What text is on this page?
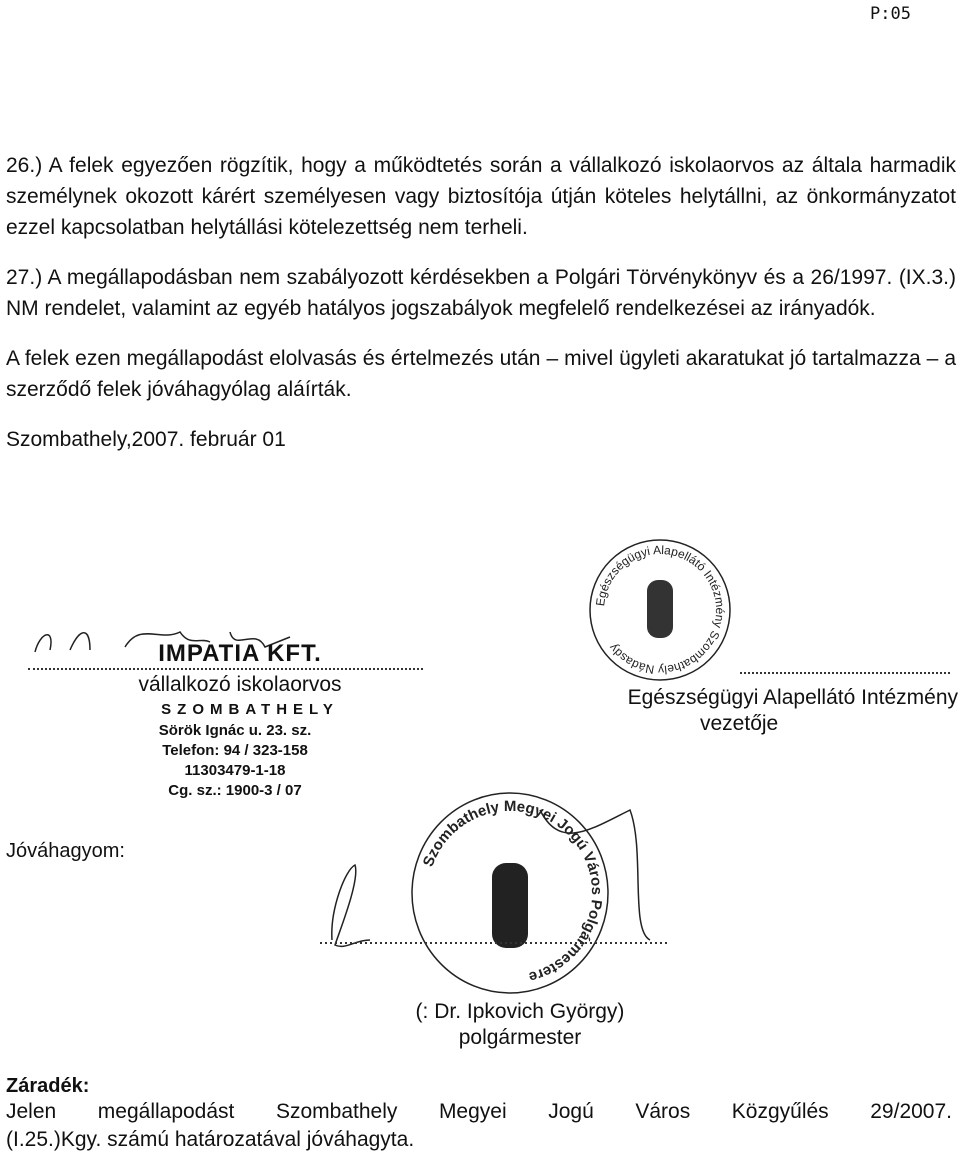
P:05

26.) A felek egyezően rögzítik, hogy a működtetés során a vállalkozó iskolaorvos az általa harmadik személynek okozott kárért személyesen vagy biztosítója útján köteles helytállni, az önkormányzatot ezzel kapcsolatban helytállási kötelezettség nem terheli.

27.) A megállapodásban nem szabályozott kérdésekben a Polgári Törvénykönyv és a 26/1997. (IX.3.) NM rendelet, valamint az egyéb hatályos jogszabályok megfelelő rendelkezései az irányadók.

A felek ezen megállapodást elolvasás és értelmezés után – mivel ügyleti akaratukat jó tartalmazza – a szerződő felek jóváhagyólag aláírták.

Szombathely,2007. február 01

IMPATIA KFT.
vállalkozó iskolaorvos
SZOMBATHELY
Sörök Ignác u. 23. sz.
Telefon: 94 / 323-158
11303479-1-18
Cg. sz.: 1900-3 / 07
Egészségügyi Alapellátó Intézmény Szombathely Nádasdy
Egészségügyi Alapellátó Intézmény
vezetője
Jóváhagyom:	Szombathely Megyei Jogú Város Polgármestere
(: Dr. Ipkovich György)
polgármester
Záradék:
Jelen megállapodást Szombathely Megyei Jogú Város Közgyűlés 29/2007.
(I.25.)Kgy. számú határozatával jóváhagyta.
